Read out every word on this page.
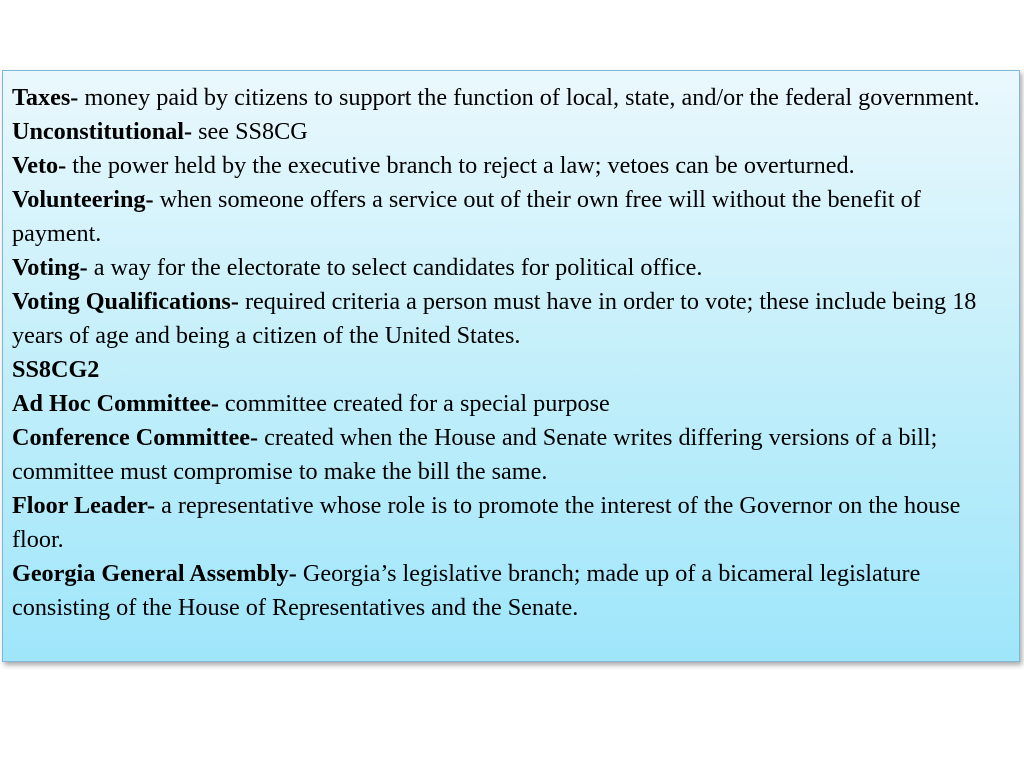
Taxes- money paid by citizens to support the function of local, state, and/or the federal government.

Unconstitutional- see SS8CG

Veto- the power held by the executive branch to reject a law; vetoes can be overturned.

Volunteering- when someone offers a service out of their own free will without the benefit of payment.

Voting- a way for the electorate to select candidates for political office.

Voting Qualifications- required criteria a person must have in order to vote; these include being 18 years of age and being a citizen of the United States.

SS8CG2

Ad Hoc Committee- committee created for a special purpose

Conference Committee- created when the House and Senate writes differing versions of a bill; committee must compromise to make the bill the same.

Floor Leader- a representative whose role is to promote the interest of the Governor on the house floor.

Georgia General Assembly- Georgia’s legislative branch; made up of a bicameral legislature consisting of the House of Representatives and the Senate.
